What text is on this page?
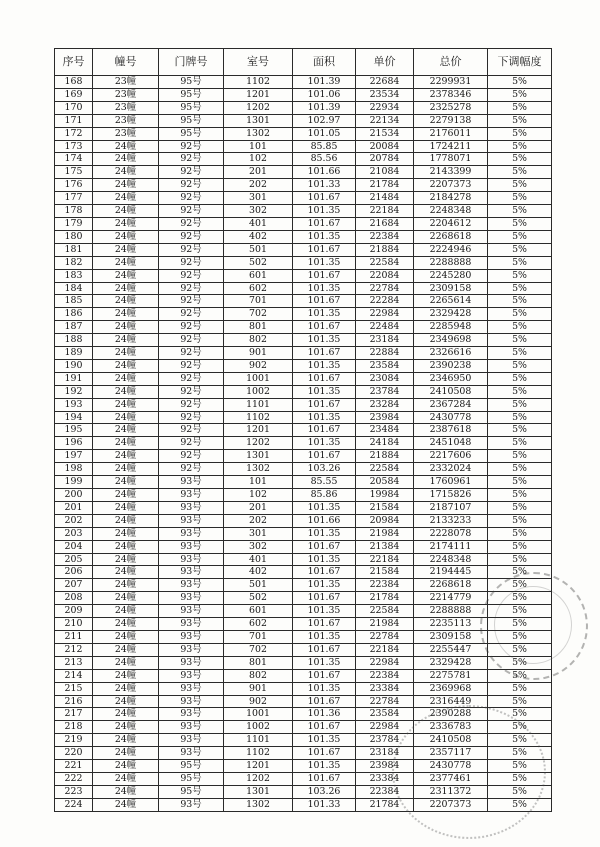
序号	幢号	门牌号	室号	面积	单价	总价	下调幅度
168	23幢	95号	1102	101.39	22684	2299931	5%
169	23幢	95号	1201	101.06	23534	2378346	5%
170	23幢	95号	1202	101.39	22934	2325278	5%
171	23幢	95号	1301	102.97	22134	2279138	5%
172	23幢	95号	1302	101.05	21534	2176011	5%
173	24幢	92号	101	85.85	20084	1724211	5%
174	24幢	92号	102	85.56	20784	1778071	5%
175	24幢	92号	201	101.66	21084	2143399	5%
176	24幢	92号	202	101.33	21784	2207373	5%
177	24幢	92号	301	101.67	21484	2184278	5%
178	24幢	92号	302	101.35	22184	2248348	5%
179	24幢	92号	401	101.67	21684	2204612	5%
180	24幢	92号	402	101.35	22384	2268618	5%
181	24幢	92号	501	101.67	21884	2224946	5%
182	24幢	92号	502	101.35	22584	2288888	5%
183	24幢	92号	601	101.67	22084	2245280	5%
184	24幢	92号	602	101.35	22784	2309158	5%
185	24幢	92号	701	101.67	22284	2265614	5%
186	24幢	92号	702	101.35	22984	2329428	5%
187	24幢	92号	801	101.67	22484	2285948	5%
188	24幢	92号	802	101.35	23184	2349698	5%
189	24幢	92号	901	101.67	22884	2326616	5%
190	24幢	92号	902	101.35	23584	2390238	5%
191	24幢	92号	1001	101.67	23084	2346950	5%
192	24幢	92号	1002	101.35	23784	2410508	5%
193	24幢	92号	1101	101.67	23284	2367284	5%
194	24幢	92号	1102	101.35	23984	2430778	5%
195	24幢	92号	1201	101.67	23484	2387618	5%
196	24幢	92号	1202	101.35	24184	2451048	5%
197	24幢	92号	1301	101.67	21884	2217606	5%
198	24幢	92号	1302	103.26	22584	2332024	5%
199	24幢	93号	101	85.55	20584	1760961	5%
200	24幢	93号	102	85.86	19984	1715826	5%
201	24幢	93号	201	101.35	21584	2187107	5%
202	24幢	93号	202	101.66	20984	2133233	5%
203	24幢	93号	301	101.35	21984	2228078	5%
204	24幢	93号	302	101.67	21384	2174111	5%
205	24幢	93号	401	101.35	22184	2248348	5%
206	24幢	93号	402	101.67	21584	2194445	5%
207	24幢	93号	501	101.35	22384	2268618	5%
208	24幢	93号	502	101.67	21784	2214779	5%
209	24幢	93号	601	101.35	22584	2288888	5%
210	24幢	93号	602	101.67	21984	2235113	5%
211	24幢	93号	701	101.35	22784	2309158	5%
212	24幢	93号	702	101.67	22184	2255447	5%
213	24幢	93号	801	101.35	22984	2329428	5%
214	24幢	93号	802	101.67	22384	2275781	5%
215	24幢	93号	901	101.35	23384	2369968	5%
216	24幢	93号	902	101.67	22784	2316449	5%
217	24幢	93号	1001	101.36	23584	2390288	5%
218	24幢	93号	1002	101.67	22984	2336783	5%
219	24幢	93号	1101	101.35	23784	2410508	5%
220	24幢	93号	1102	101.67	23184	2357117	5%
221	24幢	95号	1201	101.35	23984	2430778	5%
222	24幢	95号	1202	101.67	23384	2377461	5%
223	24幢	95号	1301	103.26	22384	2311372	5%
224	24幢	93号	1302	101.33	21784	2207373	5%
